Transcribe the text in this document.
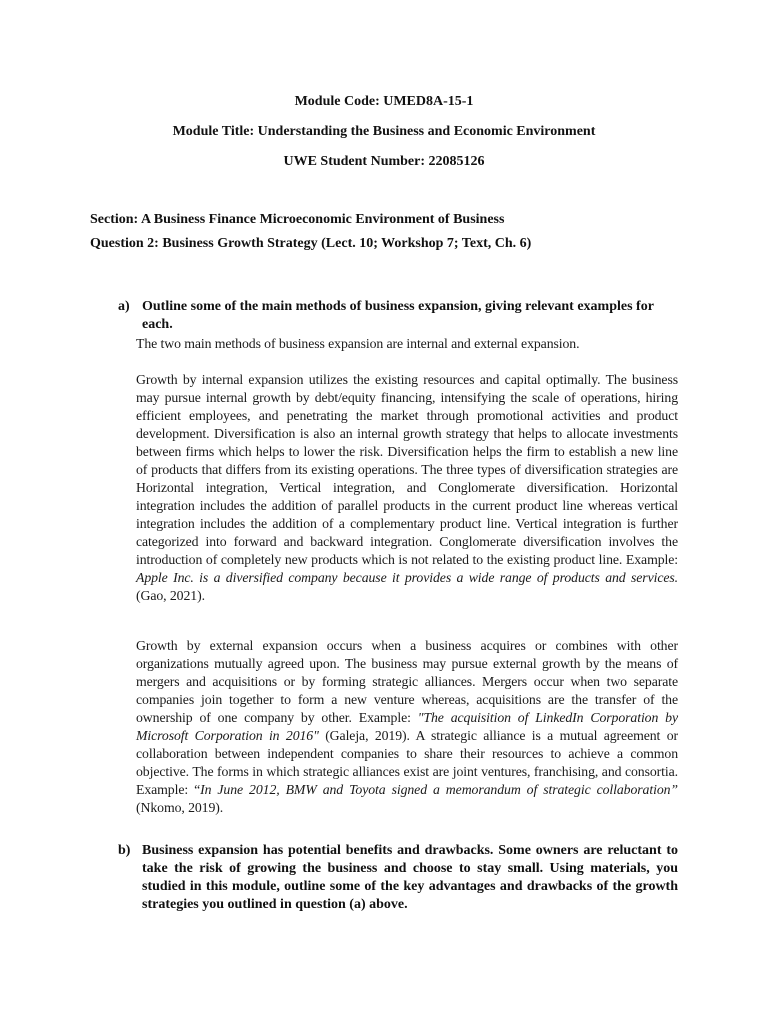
Module Code: UMED8A-15-1
Module Title: Understanding the Business and Economic Environment
UWE Student Number: 22085126
Section: A Business Finance Microeconomic Environment of Business
Question 2: Business Growth Strategy (Lect. 10; Workshop 7; Text, Ch. 6)
a) Outline some of the main methods of business expansion, giving relevant examples for each.
The two main methods of business expansion are internal and external expansion.
Growth by internal expansion utilizes the existing resources and capital optimally. The business may pursue internal growth by debt/equity financing, intensifying the scale of operations, hiring efficient employees, and penetrating the market through promotional activities and product development. Diversification is also an internal growth strategy that helps to allocate investments between firms which helps to lower the risk. Diversification helps the firm to establish a new line of products that differs from its existing operations. The three types of diversification strategies are Horizontal integration, Vertical integration, and Conglomerate diversification. Horizontal integration includes the addition of parallel products in the current product line whereas vertical integration includes the addition of a complementary product line. Vertical integration is further categorized into forward and backward integration. Conglomerate diversification involves the introduction of completely new products which is not related to the existing product line. Example: Apple Inc. is a diversified company because it provides a wide range of products and services. (Gao, 2021).
Growth by external expansion occurs when a business acquires or combines with other organizations mutually agreed upon. The business may pursue external growth by the means of mergers and acquisitions or by forming strategic alliances. Mergers occur when two separate companies join together to form a new venture whereas, acquisitions are the transfer of the ownership of one company by other. Example: "The acquisition of LinkedIn Corporation by Microsoft Corporation in 2016" (Galeja, 2019). A strategic alliance is a mutual agreement or collaboration between independent companies to share their resources to achieve a common objective. The forms in which strategic alliances exist are joint ventures, franchising, and consortia. Example: “In June 2012, BMW and Toyota signed a memorandum of strategic collaboration” (Nkomo, 2019).
b) Business expansion has potential benefits and drawbacks. Some owners are reluctant to take the risk of growing the business and choose to stay small. Using materials, you studied in this module, outline some of the key advantages and drawbacks of the growth strategies you outlined in question (a) above.
